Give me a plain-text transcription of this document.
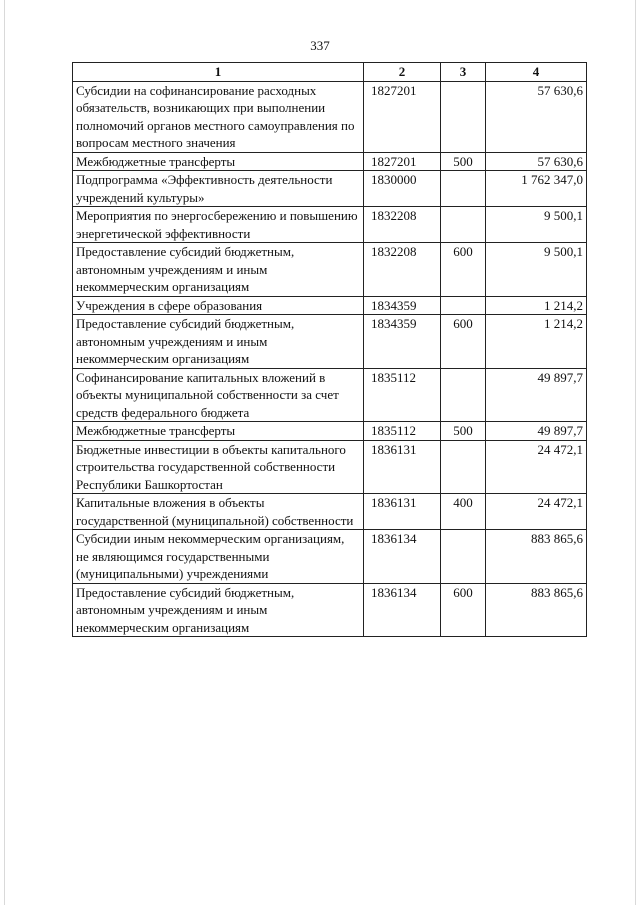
337
1	2	3	4
Субсидии на софинансирование расходных обязательств, возникающих при выполнении полномочий органов местного самоуправления по вопросам местного значения	1827201		57 630,6
Межбюджетные трансферты	1827201	500	57 630,6
Подпрограмма «Эффективность деятельности учреждений культуры»	1830000		1 762 347,0
Мероприятия по энергосбережению и повышению энергетической эффективности	1832208		9 500,1
Предоставление субсидий бюджетным, автономным учреждениям и иным некоммерческим организациям	1832208	600	9 500,1
Учреждения в сфере образования	1834359		1 214,2
Предоставление субсидий бюджетным, автономным учреждениям и иным некоммерческим организациям	1834359	600	1 214,2
Софинансирование капитальных вложений в объекты муниципальной собственности за счет средств федерального бюджета	1835112		49 897,7
Межбюджетные трансферты	1835112	500	49 897,7
Бюджетные инвестиции в объекты капитального строительства государственной собственности Республики Башкортостан	1836131		24 472,1
Капитальные вложения в объекты государственной (муниципальной) собственности	1836131	400	24 472,1
Субсидии иным некоммерческим организациям, не являющимся государственными (муниципальными) учреждениями	1836134		883 865,6
Предоставление субсидий бюджетным, автономным учреждениям и иным некоммерческим организациям	1836134	600	883 865,6
